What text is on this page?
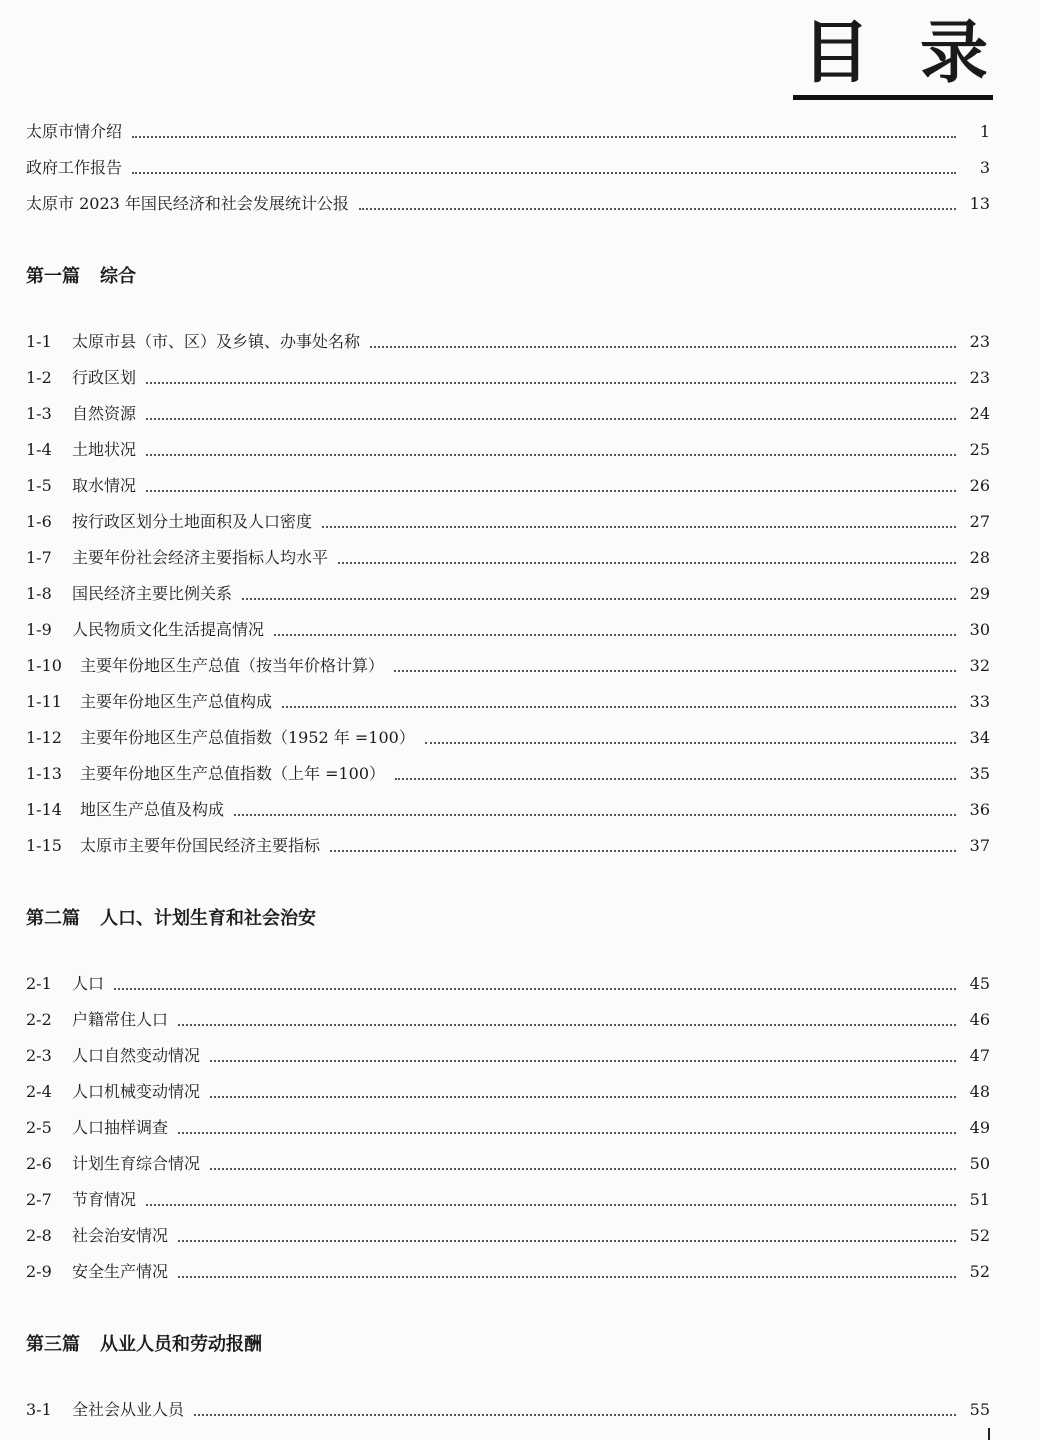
目录
太原市情介绍	1
政府工作报告	3
太原市 2023 年国民经济和社会发展统计公报	13
第一篇 综合
1-1	太原市县（市、区）及乡镇、办事处名称	23
1-2	行政区划	23
1-3	自然资源	24
1-4	土地状况	25
1-5	取水情况	26
1-6	按行政区划分土地面积及人口密度	27
1-7	主要年份社会经济主要指标人均水平	28
1-8	国民经济主要比例关系	29
1-9	人民物质文化生活提高情况	30
1-10	主要年份地区生产总值（按当年价格计算）	32
1-11	主要年份地区生产总值构成	33
1-12	主要年份地区生产总值指数（1952 年 =100）	34
1-13	主要年份地区生产总值指数（上年 =100）	35
1-14	地区生产总值及构成	36
1-15	太原市主要年份国民经济主要指标	37
第二篇 人口、计划生育和社会治安
2-1	人口	45
2-2	户籍常住人口	46
2-3	人口自然变动情况	47
2-4	人口机械变动情况	48
2-5	人口抽样调查	49
2-6	计划生育综合情况	50
2-7	节育情况	51
2-8	社会治安情况	52
2-9	安全生产情况	52
第三篇 从业人员和劳动报酬
3-1	全社会从业人员	55
